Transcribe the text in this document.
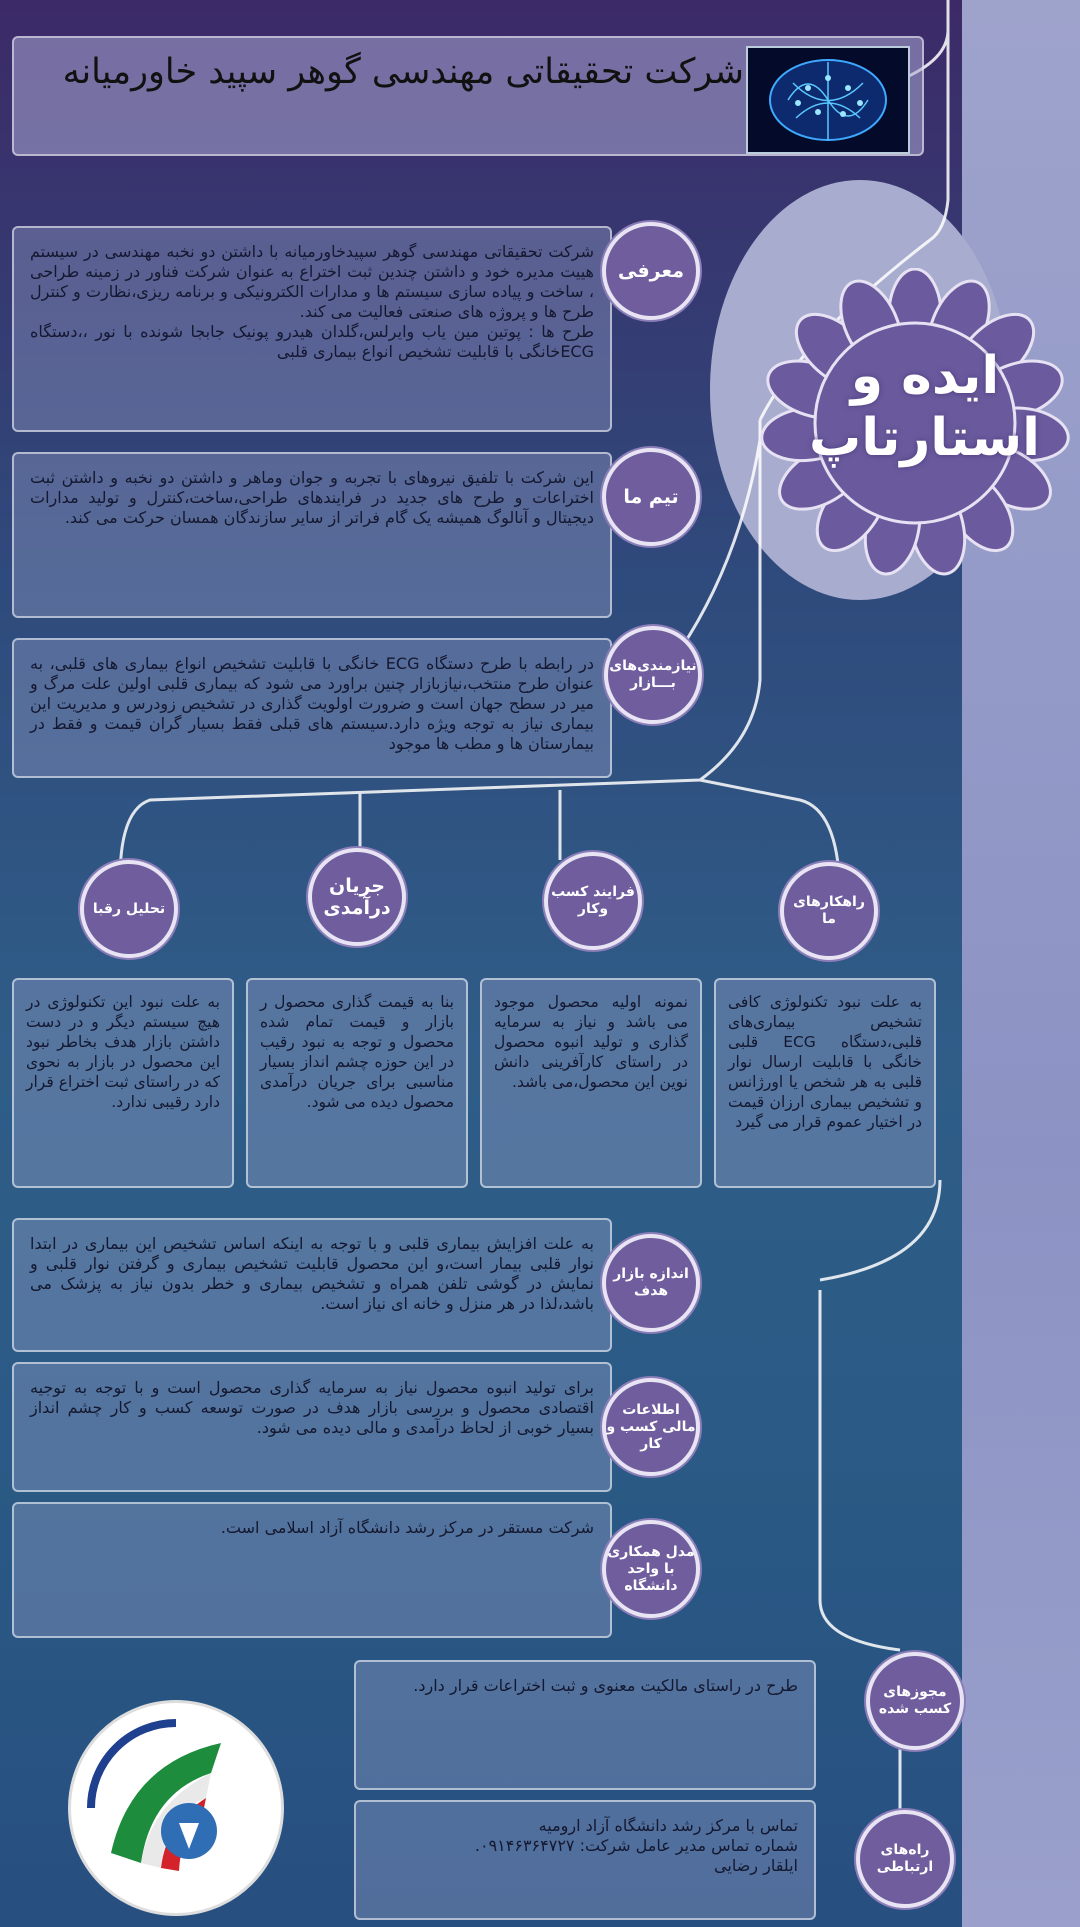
شرکت تحقیقاتی مهندسی گوهر سپید خاورمیانه
ایده و
استارتاپ
شرکت تحقیقاتی مهندسی گوهر سپیدخاورمیانه با داشتن دو نخبه مهندسی در سیستم هییت مدیره خود و داشتن چندین ثبت اختراع به عنوان شرکت فناور در زمینه طراحی ، ساخت و پیاده سازی سیستم ها و مدارات الکترونیکی و برنامه ریزی،نظارت و کنترل طرح ها و پروژه های صنعتی فعالیت می کند.
طرح ها : پوتین مین یاب وایرلس،گلدان هیدرو پونیک جابجا شونده با نور ،،دستگاه ECGخانگی با قابلیت تشخیص انواع بیماری قلبی
معرفی
این شرکت با تلفیق نیروهای با تجربه و جوان وماهر و داشتن دو نخبه و داشتن ثبت اختراعات و طرح های جدید در فرایندهای طراحی،ساخت،کنترل و تولید مدارات دیجیتال و آنالوگ همیشه یک گام فراتر از سایر سازندگان همسان حرکت می کند.
تیم ما
در رابطه با طرح دستگاه ECG خانگی با قابلیت تشخیص انواع بیماری های قلبی، به عنوان طرح منتخب،نیازبازار چنین براورد می شود که بیماری قلبی اولین علت مرگ و میر در سطح جهان است و ضرورت اولویت گذاری در تشخیص زودرس و مدیریت این بیماری نیاز به توجه ویژه دارد.سیستم های قبلی فقط بسیار گران قیمت و فقط در بیمارستان ها و مطب ها موجود
نیازمندی‌های بـــازار
راهکارهای ما
فرایند کسب وکار
جریان درآمدی
تحلیل رقبا
به علت نبود تکنولوژی کافی تشخیص بیماری‌های قلبی،دستگاه ECG قلبی خانگی با قابلیت ارسال نوار قلبی به هر شخص یا اورژانس و تشخیص بیماری ارزان قیمت در اختیار عموم قرار می گیرد
نمونه اولیه محصول موجود می باشد و نیاز به سرمایه گذاری و تولید انبوه محصول در راستای کارآفرینی دانش نوین این محصول،می باشد.
بنا به قیمت گذاری محصول ر بازار و قیمت تمام شده محصول و توجه به نبود رقیب در این حوزه چشم انداز بسیار مناسبی برای جریان درآمدی محصول دیده می شود.
به علت نبود این تکنولوژی در هیچ سیستم دیگر و در دست داشتن بازار هدف بخاطر نبود این محصول در بازار به نحوی که در راستای ثبت اختراع قرار دارد رقیبی ندارد.
به علت افزایش بیماری قلبی و با توجه به اینکه اساس تشخیص این بیماری در ابتدا نوار قلبی بیمار است،و این محصول قابلیت تشخیص بیماری و گرفتن نوار قلبی و نمایش در گوشی تلفن همراه و تشخیص بیماری و خطر بدون نیاز به پزشک می باشد،لذا در هر منزل و خانه ای نیاز است.
اندازه بازار هدف
برای تولید انبوه محصول نیاز به سرمایه گذاری محصول است و با توجه به توجیه اقتصادی محصول و بررسی بازار هدف در صورت توسعه کسب و کار چشم انداز بسیار خوبی از لحاظ درآمدی و مالی دیده می شود.
اطلاعات مالی کسب و کار
شرکت مستقر در مرکز رشد دانشگاه آزاد اسلامی است.
مدل همکاری با واحد دانشگاه
طرح در راستای مالکیت معنوی و ثبت اختراعات قرار دارد.	مجوزهای کسب شده
تماس با مرکز رشد دانشگاه آزاد ارومیه
شماره تماس مدیر عامل شرکت: ۰۹۱۴۶۳۶۴۷۲۷.
ایلقار رضایی
راه‌های ارتباطی
